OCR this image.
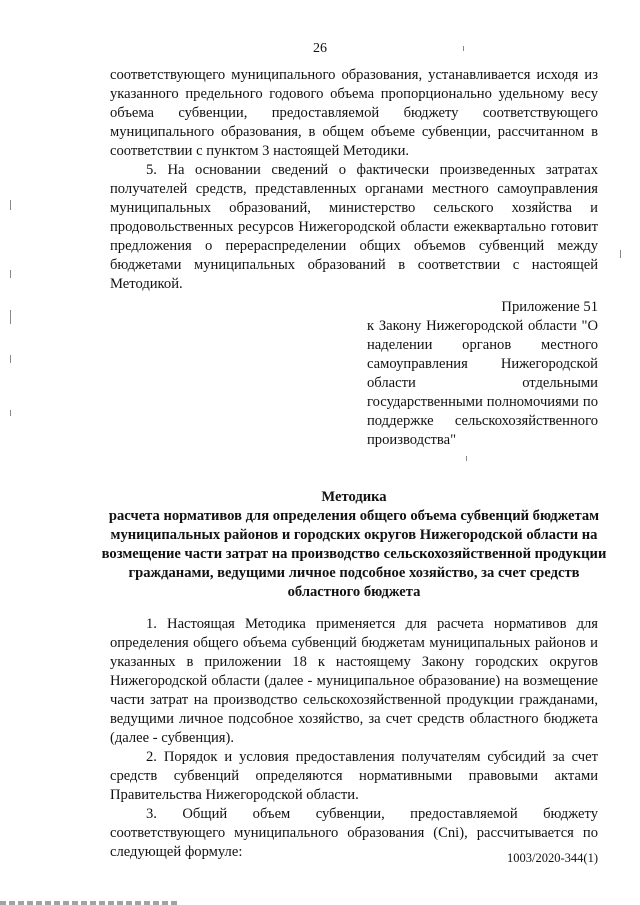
26

соответствующего муниципального образования, устанавливается исходя из указанного предельного годового объема пропорционально удельному весу объема субвенции, предоставляемой бюджету соответствующего муниципального образования, в общем объеме субвенции, рассчитанном в соответствии с пунктом 3 настоящей Методики.

5. На основании сведений о фактически произведенных затратах получателей средств, представленных органами местного самоуправления муниципальных образований, министерство сельского хозяйства и продовольственных ресурсов Нижегородской области ежеквартально готовит предложения о перераспределении общих объемов субвенций между бюджетами муниципальных образований в соответствии с настоящей Методикой.

Приложение 51

к Закону Нижегородской области "О наделении органов местного самоуправления Нижегородской области отдельными государственными полномочиями по поддержке сельскохозяйственного производства"

Методика

расчета нормативов для определения общего объема субвенций бюджетам муниципальных районов и городских округов Нижегородской области на возмещение части затрат на производство сельскохозяйственной продукции гражданами, ведущими личное подсобное хозяйство, за счет средств областного бюджета

1. Настоящая Методика применяется для расчета нормативов для определения общего объема субвенций бюджетам муниципальных районов и указанных в приложении 18 к настоящему Закону городских округов Нижегородской области (далее - муниципальное образование) на возмещение части затрат на производство сельскохозяйственной продукции гражданами, ведущими личное подсобное хозяйство, за счет средств областного бюджета (далее - субвенция).

2. Порядок и условия предоставления получателям субсидий за счет средств субвенций определяются нормативными правовыми актами Правительства Нижегородской области.

3. Общий объем субвенции, предоставляемой бюджету соответствующего муниципального образования (Cni), рассчитывается по следующей формуле:	1003/2020-344(1)
